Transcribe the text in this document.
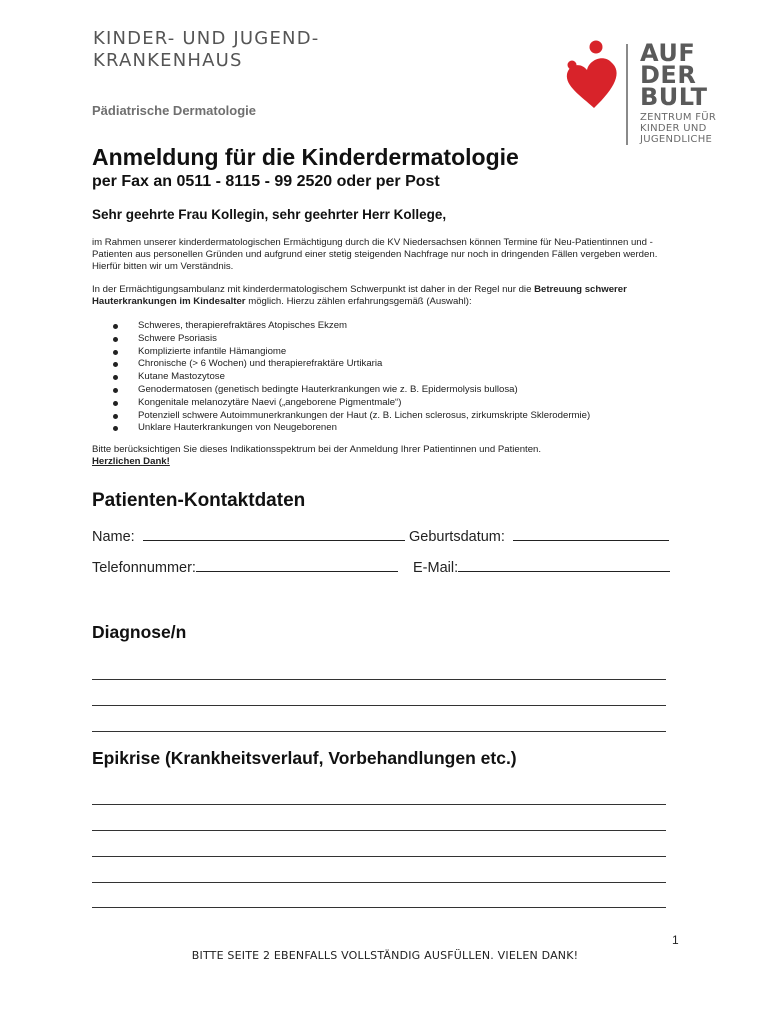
KINDER- UND JUGEND-
KRANKENHAUS	AUF
DER
BULT
ZENTRUM FÜR
KINDER UND
JUGENDLICHE
Pädiatrische Dermatologie
Anmeldung für die Kinderdermatologie
per Fax an 0511 - 8115 - 99 2520 oder per Post
Sehr geehrte Frau Kollegin, sehr geehrter Herr Kollege,
im Rahmen unserer kinderdermatologischen Ermächtigung durch die KV Niedersachsen können Termine für Neu-Patientinnen und -Patienten aus personellen Gründen und aufgrund einer stetig steigenden Nachfrage nur noch in dringenden Fällen vergeben werden. Hierfür bitten wir um Verständnis.
In der Ermächtigungsambulanz mit kinderdermatologischem Schwerpunkt ist daher in der Regel nur die Betreuung schwerer Hauterkrankungen im Kindesalter möglich. Hierzu zählen erfahrungsgemäß (Auswahl):
Schweres, therapierefraktäres Atopisches Ekzem
Schwere Psoriasis
Komplizierte infantile Hämangiome
Chronische (> 6 Wochen) und therapierefraktäre Urtikaria
Kutane Mastozytose
Genodermatosen (genetisch bedingte Hauterkrankungen wie z. B. Epidermolysis bullosa)
Kongenitale melanozytäre Naevi („angeborene Pigmentmale“)
Potenziell schwere Autoimmunerkrankungen der Haut (z. B. Lichen sclerosus, zirkumskripte Sklerodermie)
Unklare Hauterkrankungen von Neugeborenen
Bitte berücksichtigen Sie dieses Indikationsspektrum bei der Anmeldung Ihrer Patientinnen und Patienten.
Herzlichen Dank!
Patienten-Kontaktdaten
Name:	Geburtsdatum:
Telefonnummer:	E-Mail:
Diagnose/n
Epikrise (Krankheitsverlauf, Vorbehandlungen etc.)
1
BITTE SEITE 2 EBENFALLS VOLLSTÄNDIG AUSFÜLLEN. VIELEN DANK!
